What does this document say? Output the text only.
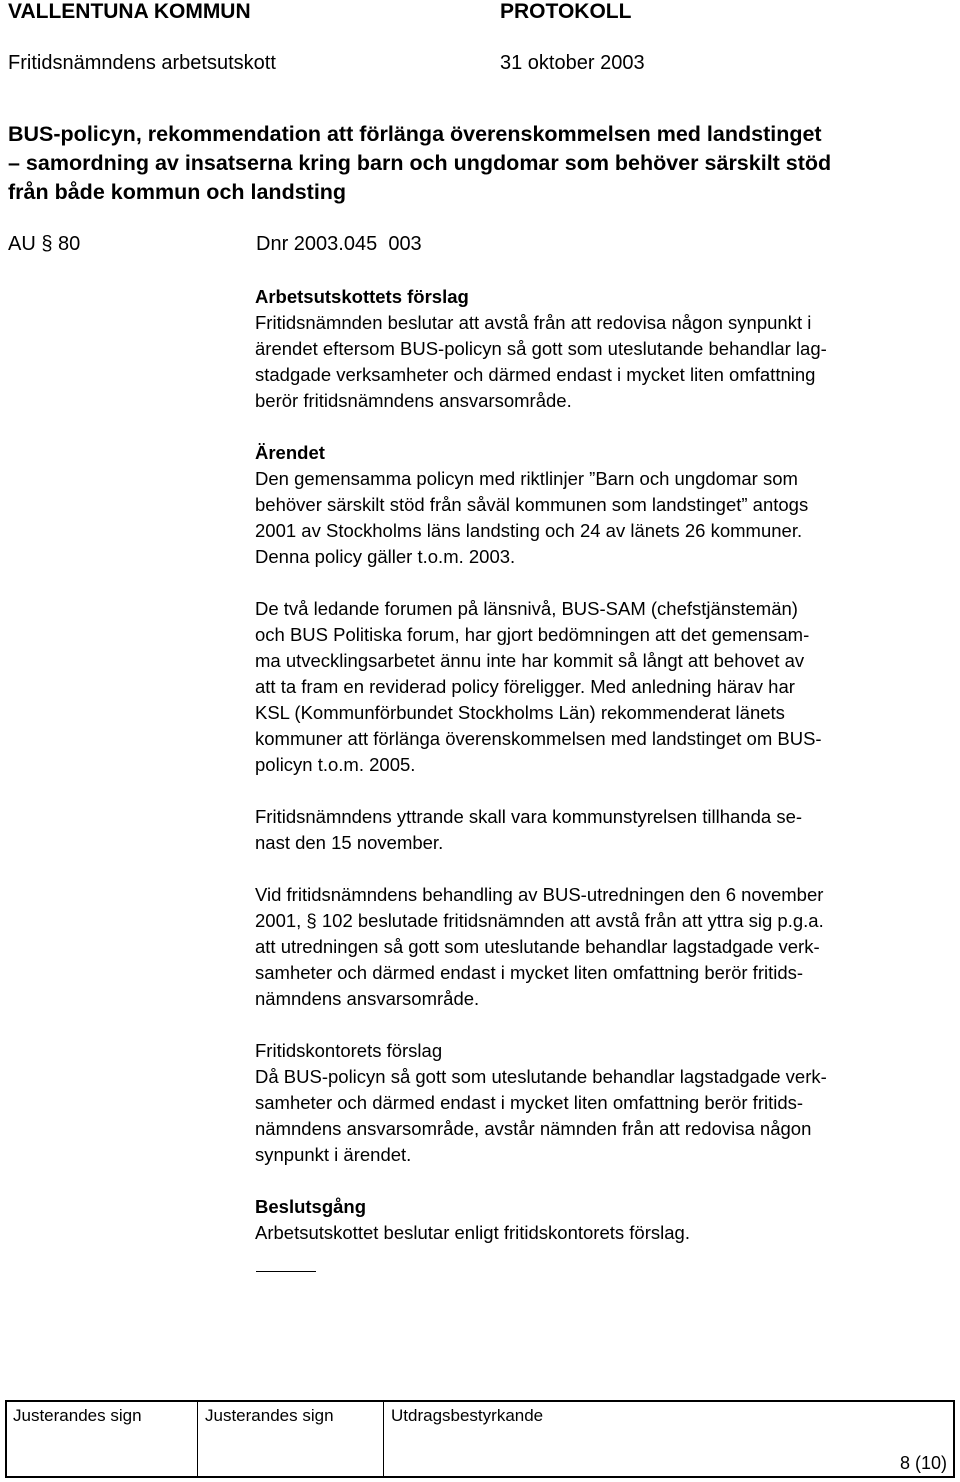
VALLENTUNA KOMMUN	PROTOKOLL
Fritidsnämndens arbetsutskott	31 oktober 2003
BUS-policyn, rekommendation att förlänga överenskommelsen med landstinget
– samordning av insatserna kring barn och ungdomar som behöver särskilt stöd
från både kommun och landsting
AU § 80	Dnr 2003.045  003

Arbetsutskottets förslag
Fritidsnämnden beslutar att avstå från att redovisa någon synpunkt i
ärendet eftersom BUS-policyn så gott som uteslutande behandlar lag-
stadgade verksamheter och därmed endast i mycket liten omfattning
berör fritidsnämndens ansvarsområde.

Ärendet
Den gemensamma policyn med riktlinjer ”Barn och ungdomar som
behöver särskilt stöd från såväl kommunen som landstinget” antogs
2001 av Stockholms läns landsting och 24 av länets 26 kommuner.
Denna policy gäller t.o.m. 2003.

De två ledande forumen på länsnivå, BUS-SAM (chefstjänstemän)
och BUS Politiska forum, har gjort bedömningen att det gemensam-
ma utvecklingsarbetet ännu inte har kommit så långt att behovet av
att ta fram en reviderad policy föreligger. Med anledning härav har
KSL (Kommunförbundet Stockholms Län) rekommenderat länets
kommuner att förlänga överenskommelsen med landstinget om BUS-
policyn t.o.m. 2005.

Fritidsnämndens yttrande skall vara kommunstyrelsen tillhanda se-
nast den 15 november.

Vid fritidsnämndens behandling av BUS-utredningen den 6 november
2001, § 102 beslutade fritidsnämnden att avstå från att yttra sig p.g.a.
att utredningen så gott som uteslutande behandlar lagstadgade verk-
samheter och därmed endast i mycket liten omfattning berör fritids-
nämndens ansvarsområde.

Fritidskontorets förslag
Då BUS-policyn så gott som uteslutande behandlar lagstadgade verk-
samheter och därmed endast i mycket liten omfattning berör fritids-
nämndens ansvarsområde, avstår nämnden från att redovisa någon
synpunkt i ärendet.

Beslutsgång
Arbetsutskottet beslutar enligt fritidskontorets förslag.

Justerandes sign	Justerandes sign	Utdragsbestyrkande
8 (10)
